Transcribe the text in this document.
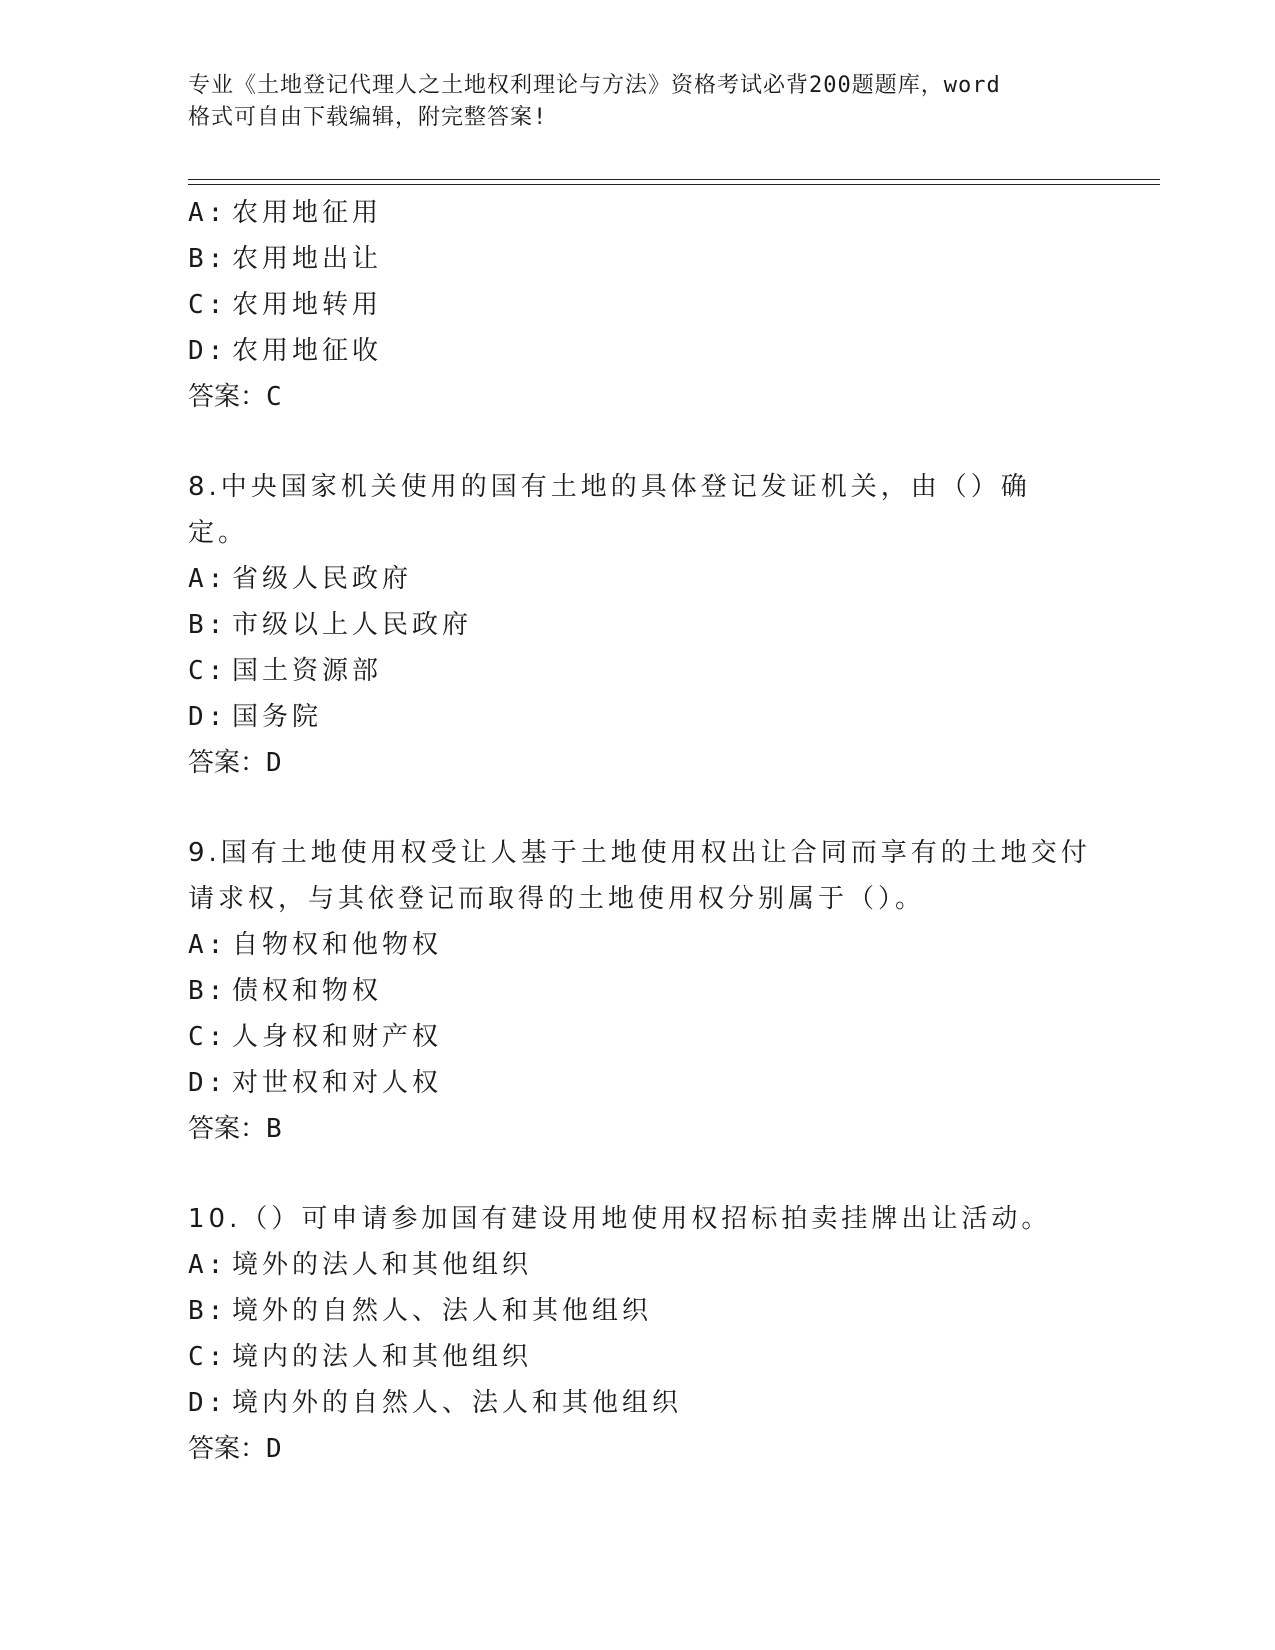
专业《土地登记代理人之土地权利理论与方法》资格考试必背200题题库，word
格式可自由下载编辑，附完整答案!
A: 农用地征用
B: 农用地出让
C: 农用地转用
D: 农用地征收
答案：C
8.中央国家机关使用的国有土地的具体登记发证机关，由（）确定。
A: 省级人民政府
B: 市级以上人民政府
C: 国土资源部
D: 国务院
答案：D
9.国有土地使用权受让人基于土地使用权出让合同而享有的土地交付
请求权，与其依登记而取得的土地使用权分别属于（）。
A: 自物权和他物权
B: 债权和物权
C: 人身权和财产权
D: 对世权和对人权
答案：B
10.（）可申请参加国有建设用地使用权招标拍卖挂牌出让活动。
A: 境外的法人和其他组织
B: 境外的自然人、法人和其他组织
C: 境内的法人和其他组织
D: 境内外的自然人、法人和其他组织
答案：D
